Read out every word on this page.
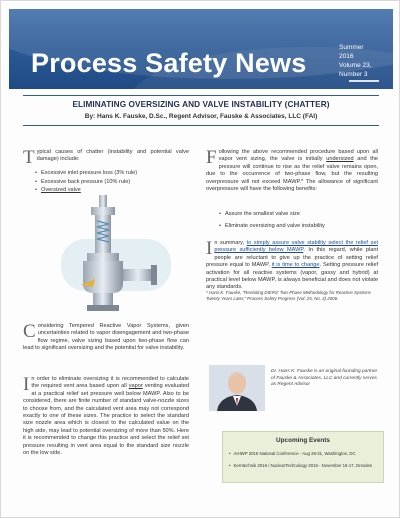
Process Safety News
Summer 2016
Volume 23,
Number 3
ELIMINATING OVERSIZING AND VALVE INSTABILITY (CHATTER)
By: Hans K. Fauske, D.Sc., Regent Advisor, Fauske & Associates, LLC (FAI)
Typical causes of chatter (instability and potential valve damage) include:
• Excessive inlet pressure loss (3% rule)
• Excessive back pressure (10% rule)
• Oversized valve
Following the above recommended procedure based upon all vapor vent sizing, the valve is initially undersized and the pressure will continue to rise as the relief valve remains open, due to the occurrence of two-phase flow, but the resulting overpressure will not exceed MAWP.* The allowance of significant overpressure will have the following benefits:
• Assure the smallest valve size
• Eliminate oversizing and valve instability
In summary, to simply assure valve stability select the relief set pressure sufficiently below MAWP. In this regard, while plant people are reluctant to give up the practice of setting relief pressure equal to MAWP, it is time to change. Setting pressure relief activation for all reactive systems (vapor, gassy and hybrid) at practical level below MAWP, is always beneficial and does not violate any standards.
* Hans K. Fauske, "Revisiting DIERS' Two-Phase Methodology for Reactive Systems Twenty Years Later," Process Safety Progress (Vol. 25, No. 3) 2006.
Considering Tempered Reactive Vapor Systems, given uncertainties related to vapor disengagement and two-phase flow regime, valve sizing based upon two-phase flow can lead to significant oversizing and the potential for valve instability.
In order to eliminate oversizing it is recommended to calculate the required vent area based upon all vapor venting evaluated at a practical relief set pressure well below MAWP. Also to be considered, there are finite number of standard valve-nozzle sizes to choose from, and the calculated vent area may not correspond exactly to one of these sizes. The practice to select the standard size nozzle area which is closest to the calculated value on the high side, may lead to potential oversizing of more than 50%. Here it is recommended to change this practice and select the relief set pressure resulting in vent area equal to the standard size nozzle on the low side.
Dr. Hans K. Fauske is an original founding partner of Fauske & Associates, LLC and currently serves as Regent Advisor
Upcoming Events
• AIHWP 2016 National Conference - Aug 28-31, Washington, DC
• Kerntechnik 2016 / NuclearTechnology 2016 - November 16-17, Dresden
